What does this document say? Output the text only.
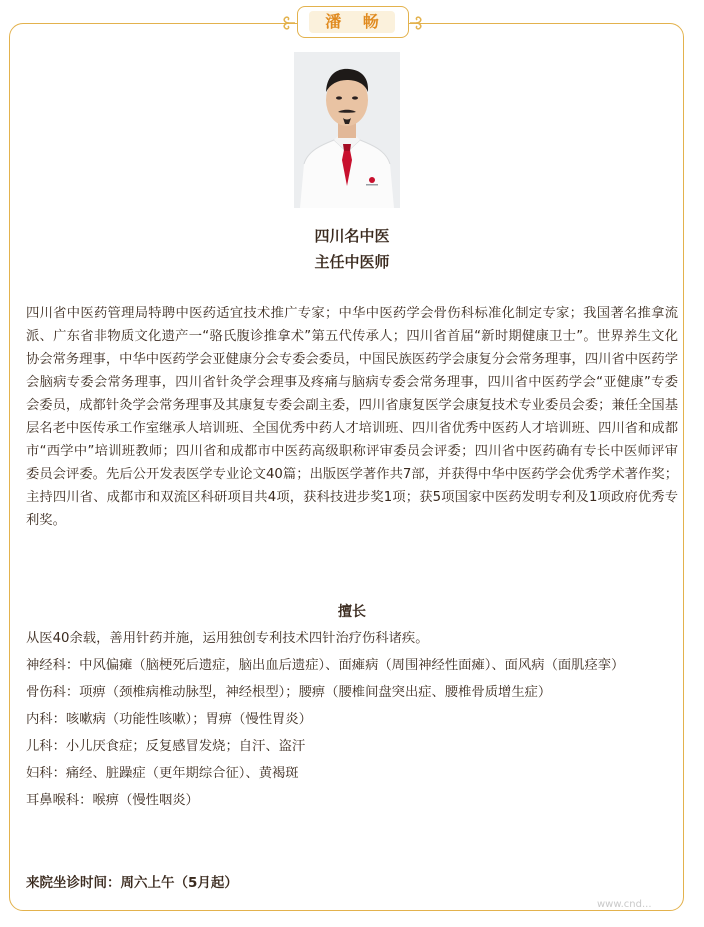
潘 畅
四川名中医
主任中医师

四川省中医药管理局特聘中医药适宜技术推广专家；中华中医药学会骨伤科标准化制定专家；我国著名推拿流派、广东省非物质文化遗产一“骆氏腹诊推拿术”第五代传承人；四川省首届“新时期健康卫士”。世界养生文化协会常务理事，中华中医药学会亚健康分会专委会委员，中国民族医药学会康复分会常务理事，四川省中医药学会脑病专委会常务理事，四川省针灸学会理事及疼痛与脑病专委会常务理事，四川省中医药学会“亚健康”专委会委员，成都针灸学会常务理事及其康复专委会副主委，四川省康复医学会康复技术专业委员会委；兼任全国基层名老中医传承工作室继承人培训班、全国优秀中药人才培训班、四川省优秀中医药人才培训班、四川省和成都市“西学中”培训班教师；四川省和成都市中医药高级职称评审委员会评委；四川省中医药确有专长中医师评审委员会评委。先后公开发表医学专业论文40篇；出版医学著作共7部，并获得中华中医药学会优秀学术著作奖；主持四川省、成都市和双流区科研项目共4项，获科技进步奖1项；获5项国家中医药发明专利及1项政府优秀专利奖。

擅长
从医40余载，善用针药并施，运用独创专利技术四针治疗伤科诸疾。
神经科：中风偏瘫（脑梗死后遗症，脑出血后遗症）、面瘫病（周围神经性面瘫）、面风病（面肌痉挛）
骨伤科：项痹（颈椎病椎动脉型，神经根型）；腰痹（腰椎间盘突出症、腰椎骨质增生症）
内科：咳嗽病（功能性咳嗽）；胃痹（慢性胃炎）
儿科：小儿厌食症；反复感冒发烧；自汗、盗汗
妇科：痛经、脏躁症（更年期综合征）、黄褐斑
耳鼻喉科：喉痹（慢性咽炎）
来院坐诊时间：周六上午（5月起）
www.cnd...
